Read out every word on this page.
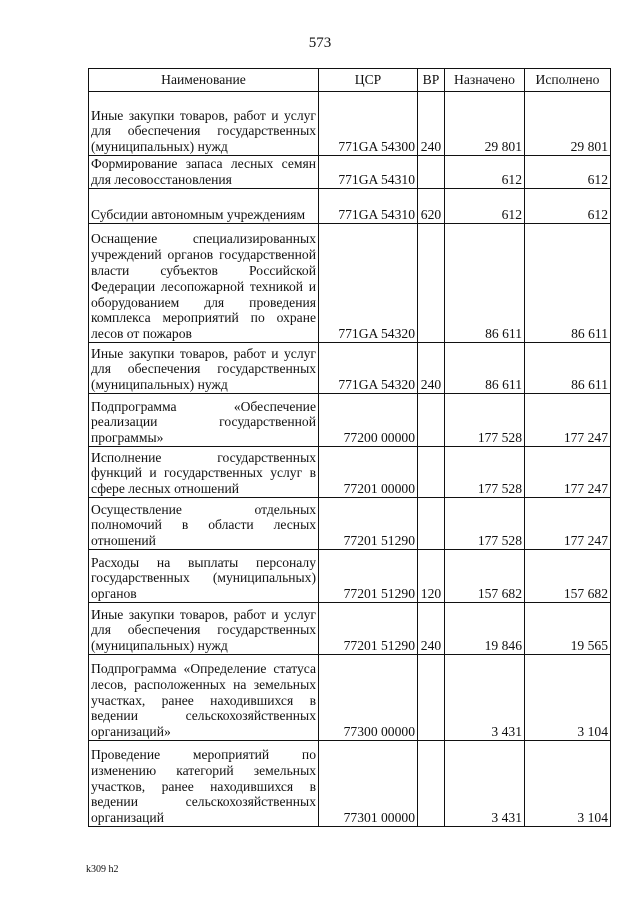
573
Наименование	ЦСР	ВР	Назначено	Исполнено
Иные закупки товаров, работ и услуг для обеспечения государственных (муниципальных) нужд	771GA 54300	240	29 801	29 801
Формирование запаса лесных семян для лесовосстановления	771GA 54310		612	612
Субсидии автономным учреждениям	771GA 54310	620	612	612
Оснащение специализированных учреждений органов государственной власти субъектов Российской Федерации лесопожарной техникой и оборудованием для проведения комплекса мероприятий по охране лесов от пожаров	771GA 54320		86 611	86 611
Иные закупки товаров, работ и услуг для обеспечения государственных (муниципальных) нужд	771GA 54320	240	86 611	86 611
Подпрограмма «Обеспечение реализации государственной программы»	77200 00000		177 528	177 247
Исполнение государственных функций и государственных услуг в сфере лесных отношений	77201 00000		177 528	177 247
Осуществление отдельных полномочий в области лесных отношений	77201 51290		177 528	177 247
Расходы на выплаты персоналу государственных (муниципальных) органов	77201 51290	120	157 682	157 682
Иные закупки товаров, работ и услуг для обеспечения государственных (муниципальных) нужд	77201 51290	240	19 846	19 565
Подпрограмма «Определение статуса лесов, расположенных на земельных участках, ранее находившихся в ведении сельскохозяйственных организаций»	77300 00000		3 431	3 104
Проведение мероприятий по изменению категорий земельных участков, ранее находившихся в ведении сельскохозяйственных организаций	77301 00000		3 431	3 104
k309 h2
